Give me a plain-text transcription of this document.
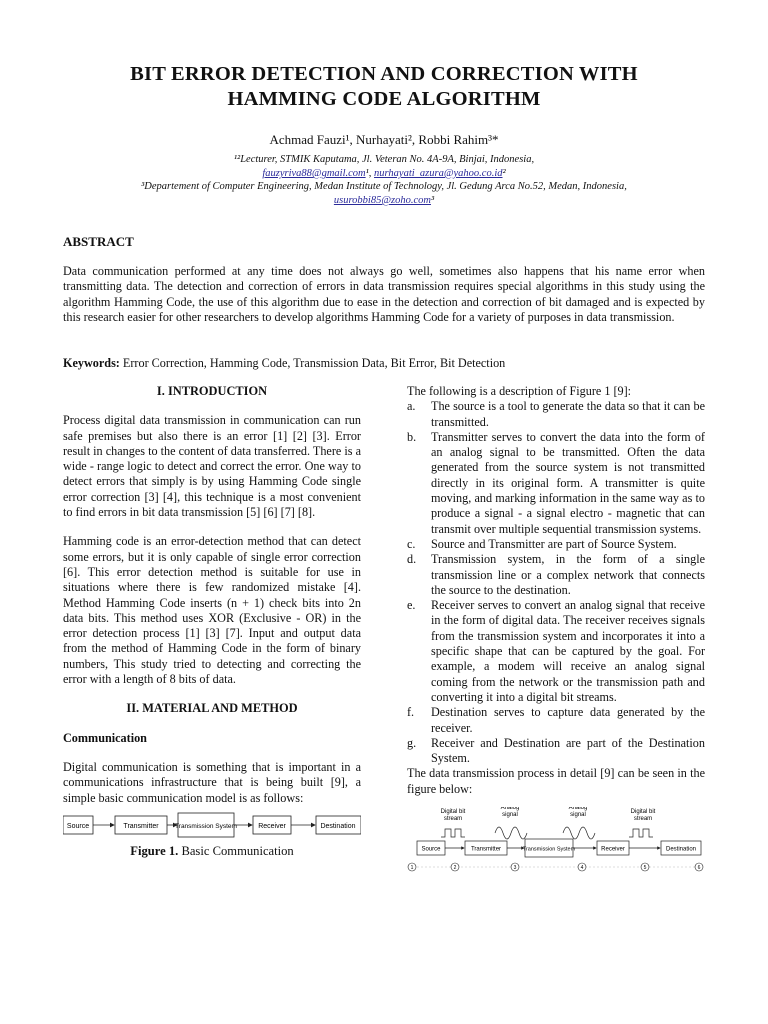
BIT ERROR DETECTION AND CORRECTION WITH
HAMMING CODE ALGORITHM
Achmad Fauzi¹, Nurhayati², Robbi Rahim³*
¹²Lecturer, STMIK Kaputama, Jl. Veteran No. 4A-9A, Binjai, Indonesia,
fauzyriva88@gmail.com¹, nurhayati_azura@yahoo.co.id²
³Departement of Computer Engineering, Medan Institute of Technology, Jl. Gedung Arca No.52, Medan, Indonesia,
usurobbi85@zoho.com³
ABSTRACT
Data communication performed at any time does not always go well, sometimes also happens that his name error when transmitting data. The detection and correction of errors in data transmission requires special algorithms in this study using the algorithm Hamming Code, the use of this algorithm due to ease in the detection and correction of bit damaged and is expected by this research easier for other researchers to develop algorithms Hamming Code for a variety of purposes in data transmission.
Keywords: Error Correction, Hamming Code, Transmission Data, Bit Error, Bit Detection
I. INTRODUCTION

Process digital data transmission in communication can run safe premises but also there is an error [1] [2] [3]. Error result in changes to the content of data transferred. There is a wide - range logic to detect and correct the error. One way to detect errors that simply is by using Hamming Code single error correction [3] [4], this technique is a most convenient to find errors in bit data transmission [5] [6] [7] [8].

Hamming code is an error-detection method that can detect some errors, but it is only capable of single error correction [6]. This error detection method is suitable for use in situations where there is few randomized mistake [4]. Method Hamming Code inserts (n + 1) check bits into 2n data bits. This method uses XOR (Exclusive - OR) in the error detection process [1] [3] [7]. Input and output data from the method of Hamming Code in the form of binary numbers, This study tried to detecting and correcting the error with a length of 8 bits of data.

II. MATERIAL AND METHOD
Communication

Digital communication is something that is important in a communications infrastructure that is being built [9], a simple basic communication model is as follows:

Source	Transmitter	Transmission System	Receiver	Destination
Figure 1. Basic Communication
The following is a description of Figure 1 [9]:
a. The source is a tool to generate the data so that it can be transmitted.
b. Transmitter serves to convert the data into the form of an analog signal to be transmitted. Often the data generated from the source system is not transmitted directly in its original form. A transmitter is quite moving, and marking information in the same way as to produce a signal - a signal electro - magnetic that can transmit over multiple sequential transmission systems.
c. Source and Transmitter are part of Source System.
d. Transmission system, in the form of a single transmission line or a complex network that connects the source to the destination.
e. Receiver serves to convert an analog signal that receive in the form of digital data. The receiver receives signals from the transmission system and incorporates it into a specific shape that can be captured by the goal. For example, a modem will receive an analog signal coming from the network or the transmission path and converting it into a digital bit streams.
f. Destination serves to capture data generated by the receiver.
g. Receiver and Destination are part of the Destination System.
The data transmission process in detail [9] can be seen in the figure below:
Digital bit stream
Analog signal
Analog signal	Digital bit stream
Source	Transmitter	Transmission System	Receiver	Destination
1	2	3	4	5	6
